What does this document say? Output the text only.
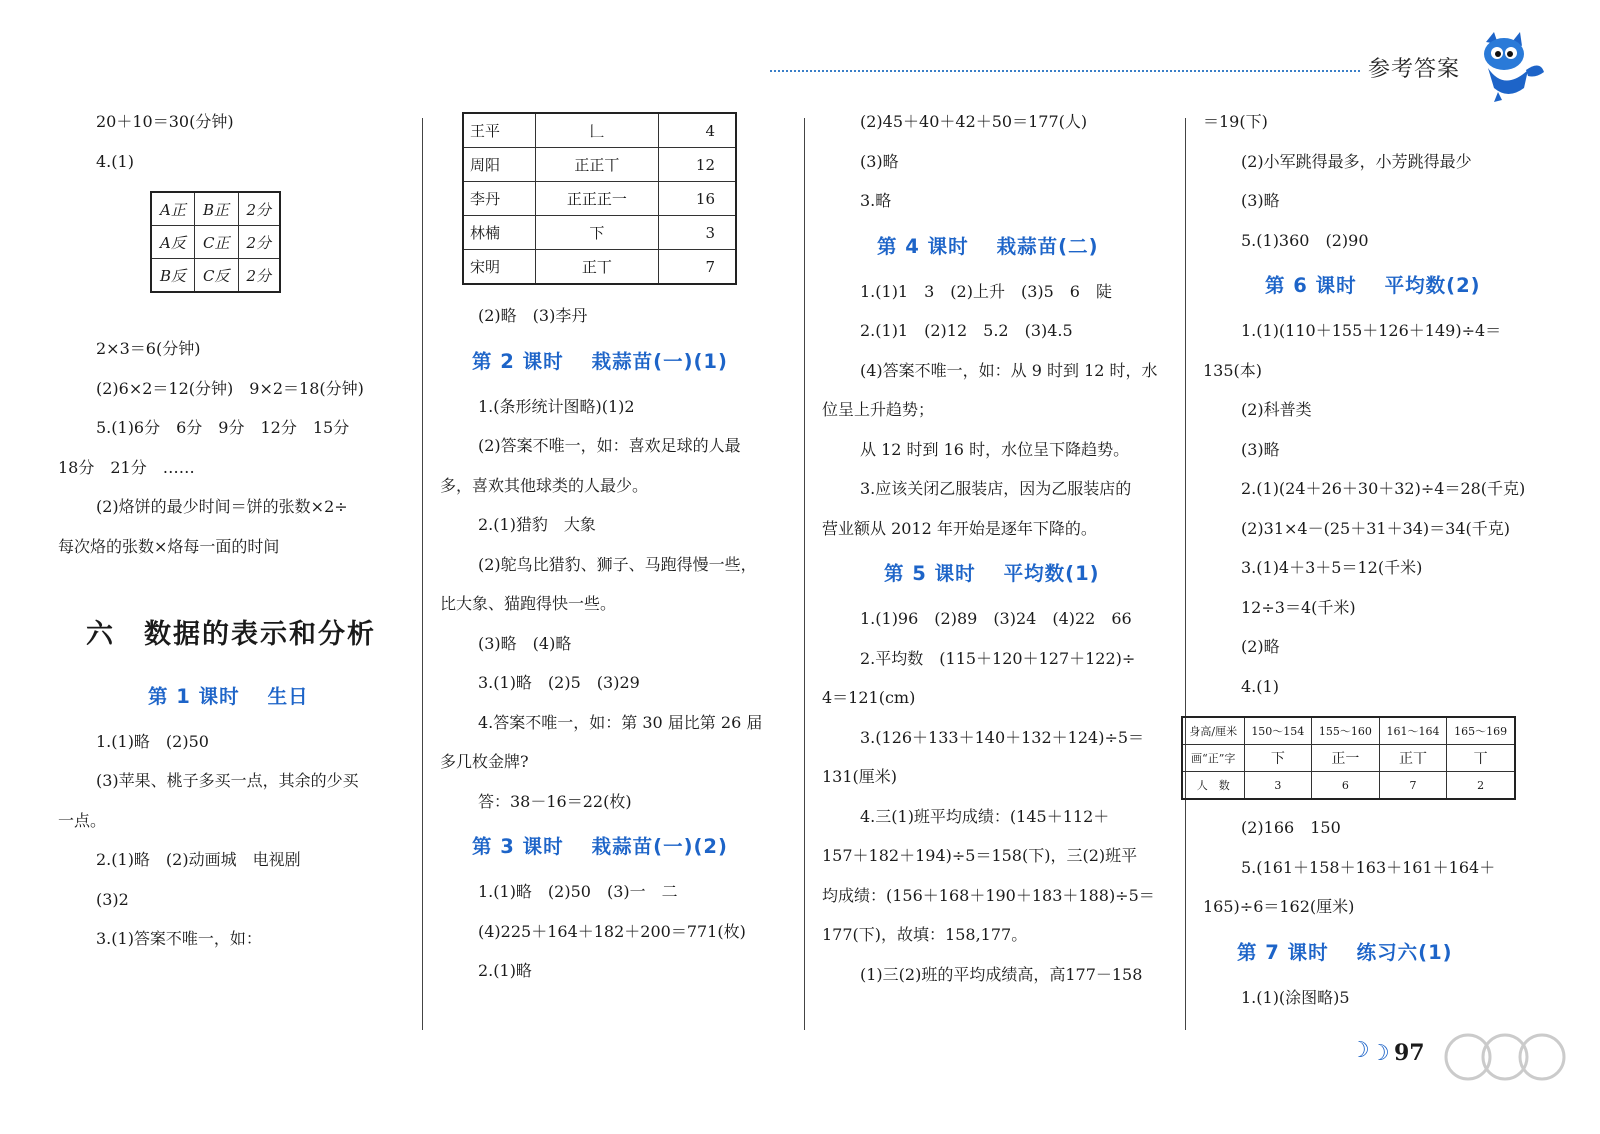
参考答案
20＋10＝30(分钟)
4.(1)
A正	B正	2分
A反	C正	2分
B反	C反	2分
2×3＝6(分钟)
(2)6×2＝12(分钟)　9×2＝18(分钟)
5.(1)6分　6分　9分　12分　15分
18分　21分　……
(2)烙饼的最少时间＝饼的张数×2÷
每次烙的张数×烙每一面的时间
六　数据的表示和分析
第 1 课时 生日
1.(1)略　(2)50
(3)苹果、桃子多买一点，其余的少买
一点。
2.(1)略　(2)动画城　电视剧
(3)2
3.(1)答案不唯一，如：
王平	𠃊	4
周阳	正正丅	12
李丹	正正正一	16
林楠	下	3
宋明	正丅	7
(2)略　(3)李丹
第 2 课时 栽蒜苗(一)(1)
1.(条形统计图略)(1)2
(2)答案不唯一，如：喜欢足球的人最
多，喜欢其他球类的人最少。
2.(1)猎豹　大象
(2)鸵鸟比猎豹、狮子、马跑得慢一些，
比大象、猫跑得快一些。
(3)略　(4)略
3.(1)略　(2)5　(3)29
4.答案不唯一，如：第 30 届比第 26 届
多几枚金牌?
答：38－16＝22(枚)
第 3 课时 栽蒜苗(一)(2)
1.(1)略　(2)50　(3)一　二
(4)225＋164＋182＋200＝771(枚)
2.(1)略
(2)45＋40＋42＋50＝177(人)
(3)略
3.略
第 4 课时 栽蒜苗(二)
1.(1)1　3　(2)上升　(3)5　6　陡
2.(1)1　(2)12　5.2　(3)4.5
(4)答案不唯一，如：从 9 时到 12 时，水
位呈上升趋势；
从 12 时到 16 时，水位呈下降趋势。
3.应该关闭乙服装店，因为乙服装店的
营业额从 2012 年开始是逐年下降的。
第 5 课时 平均数(1)
1.(1)96　(2)89　(3)24　(4)22　66
2.平均数　(115＋120＋127＋122)÷
4＝121(cm)
3.(126＋133＋140＋132＋124)÷5＝
131(厘米)
4.三(1)班平均成绩：(145＋112＋
157＋182＋194)÷5＝158(下)，三(2)班平
均成绩：(156＋168＋190＋183＋188)÷5＝
177(下)，故填：158,177。
(1)三(2)班的平均成绩高，高177－158
＝19(下)
(2)小军跳得最多，小芳跳得最少
(3)略
5.(1)360　(2)90
第 6 课时 平均数(2)
1.(1)(110＋155＋126＋149)÷4＝
135(本)
(2)科普类
(3)略
2.(1)(24＋26＋30＋32)÷4＝28(千克)
(2)31×4－(25＋31＋34)＝34(千克)
3.(1)4＋3＋5＝12(千米)
12÷3＝4(千米)
(2)略
4.(1)
身高/厘米	150～154	155～160	161～164	165～169
画“正”字	下	正一	正丅	丅
人　数	3	6	7	2
(2)166　150
5.(161＋158＋163＋161＋164＋
165)÷6＝162(厘米)
第 7 课时 练习六(1)
1.(1)(涂图略)5
☽ ☽ 97
